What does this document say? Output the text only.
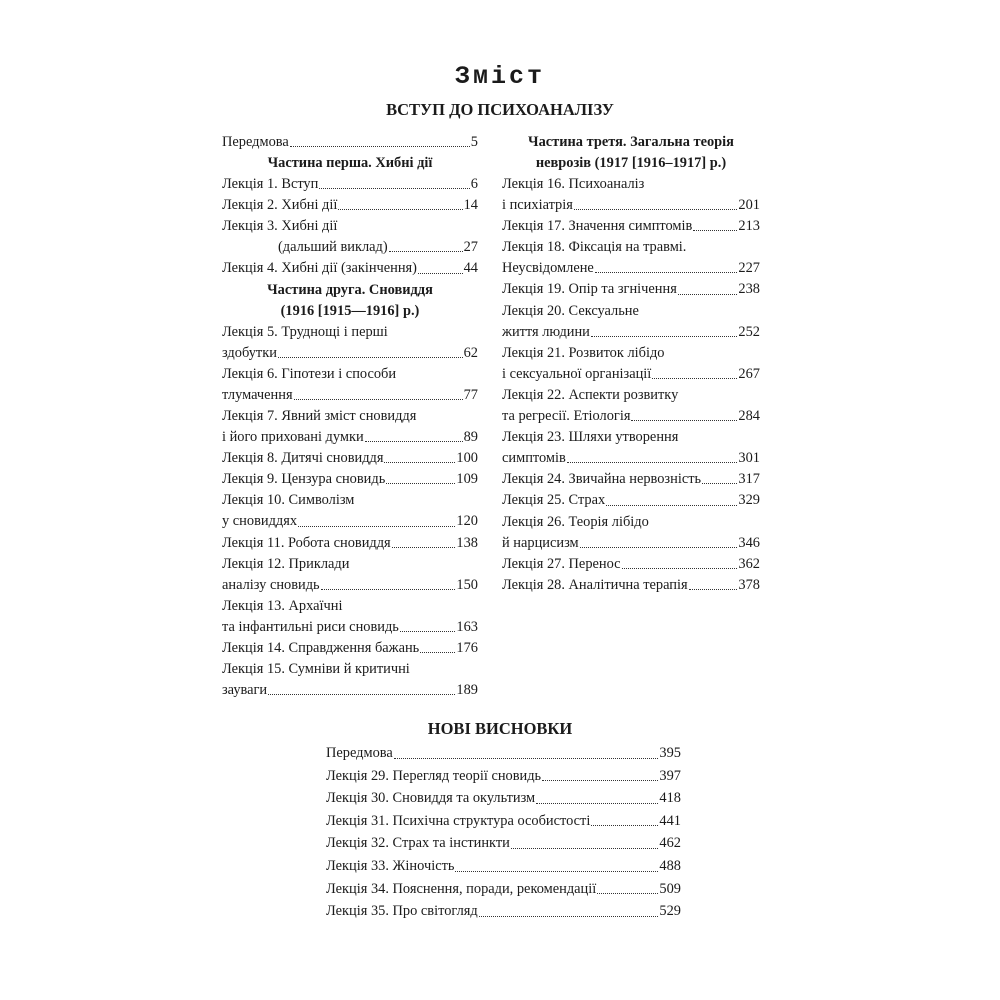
Зміст
ВСТУП ДО ПСИХОАНАЛІЗУ
Передмова	5
Частина перша. Хибні дії
Лекція 1. Вступ	6
Лекція 2. Хибні дії	14
Лекція 3. Хибні дії
(дальший виклад)	27
Лекція 4. Хибні дії (закінчення)	44
Частина друга. Сновиддя
(1916 [1915—1916] р.)
Лекція 5. Труднощі і перші
здобутки	62
Лекція 6. Гіпотези і способи
тлумачення	77
Лекція 7. Явний зміст сновиддя
і його приховані думки	89
Лекція 8. Дитячі сновиддя	100
Лекція 9. Цензура сновидь	109
Лекція 10. Символізм
у сновиддях	120
Лекція 11. Робота сновиддя	138
Лекція 12. Приклади
аналізу сновидь	150
Лекція 13. Архаїчні
та інфантильні риси сновидь	163
Лекція 14. Справдження бажань	176
Лекція 15. Сумніви й критичні
зауваги	189
Частина третя. Загальна теорія
неврозів (1917 [1916–1917] р.)
Лекція 16. Психоаналіз
і психіатрія	201
Лекція 17. Значення симптомів	213
Лекція 18. Фіксація на травмі.
Неусвідомлене	227
Лекція 19. Опір та згнічення	238
Лекція 20. Сексуальне
життя людини	252
Лекція 21. Розвиток лібідо
і сексуальної організації	267
Лекція 22. Аспекти розвитку
та регресії. Етіологія	284
Лекція 23. Шляхи утворення
симптомів	301
Лекція 24. Звичайна нервозність	317
Лекція 25. Страх	329
Лекція 26. Теорія лібідо
й нарцисизм	346
Лекція 27. Перенос	362
Лекція 28. Аналітична терапія	378
НОВІ ВИСНОВКИ
Передмова	395
Лекція 29. Перегляд теорії сновидь	397
Лекція 30. Сновиддя та окультизм	418
Лекція 31. Психічна структура особистості	441
Лекція 32. Страх та інстинкти	462
Лекція 33. Жіночість	488
Лекція 34. Пояснення, поради, рекомендації	509
Лекція 35. Про світогляд	529
